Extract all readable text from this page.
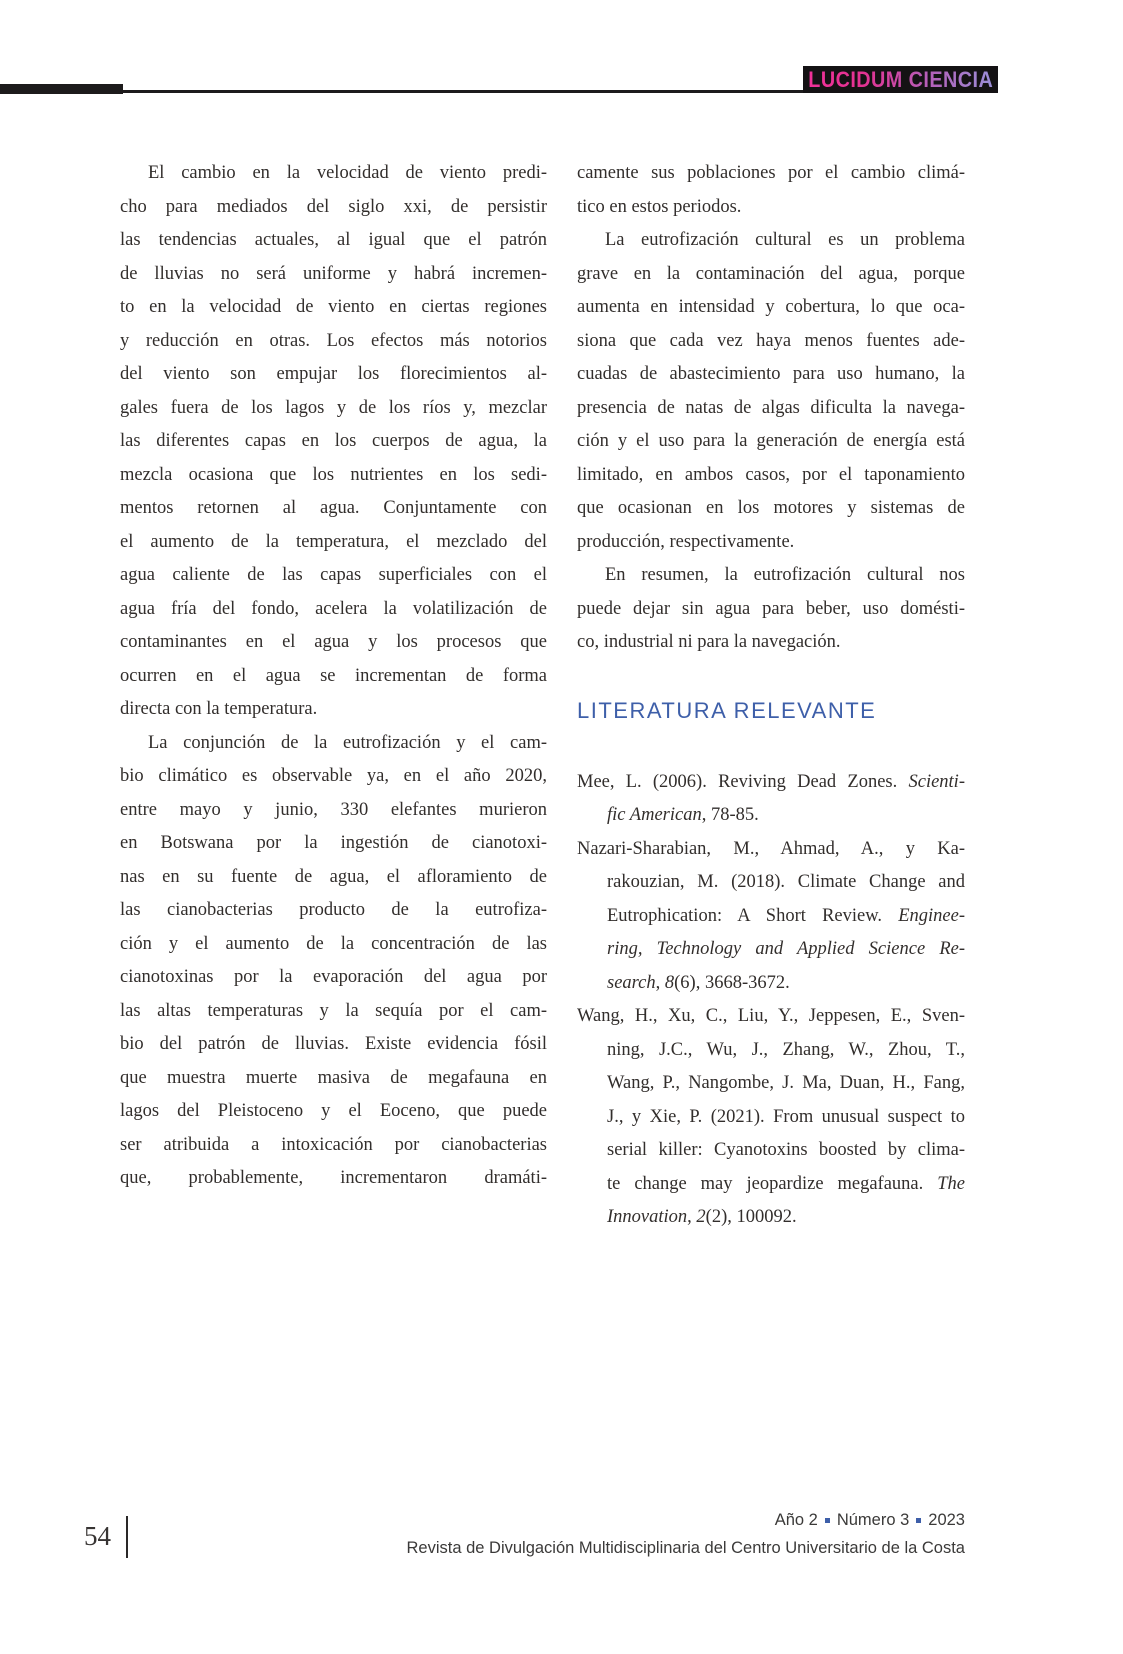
LUCIDUM CIENCIA
El cambio en la velocidad de viento predi-
cho para mediados del siglo xxi, de persistir
las tendencias actuales, al igual que el patrón
de lluvias no será uniforme y habrá incremen-
to en la velocidad de viento en ciertas regiones
y reducción en otras. Los efectos más notorios
del viento son empujar los florecimientos al-
gales fuera de los lagos y de los ríos y, mezclar
las diferentes capas en los cuerpos de agua, la
mezcla ocasiona que los nutrientes en los sedi-
mentos retornen al agua. Conjuntamente con
el aumento de la temperatura, el mezclado del
agua caliente de las capas superficiales con el
agua fría del fondo, acelera la volatilización de
contaminantes en el agua y los procesos que
ocurren en el agua se incrementan de forma
directa con la temperatura.
La conjunción de la eutrofización y el cam-
bio climático es observable ya, en el año 2020,
entre mayo y junio, 330 elefantes murieron
en Botswana por la ingestión de cianotoxi-
nas en su fuente de agua, el afloramiento de
las cianobacterias producto de la eutrofiza-
ción y el aumento de la concentración de las
cianotoxinas por la evaporación del agua por
las altas temperaturas y la sequía por el cam-
bio del patrón de lluvias. Existe evidencia fósil
que muestra muerte masiva de megafauna en
lagos del Pleistoceno y el Eoceno, que puede
ser atribuida a intoxicación por cianobacterias
que, probablemente, incrementaron dramáti-
camente sus poblaciones por el cambio climá-
tico en estos periodos.
La eutrofización cultural es un problema
grave en la contaminación del agua, porque
aumenta en intensidad y cobertura, lo que oca-
siona que cada vez haya menos fuentes ade-
cuadas de abastecimiento para uso humano, la
presencia de natas de algas dificulta la navega-
ción y el uso para la generación de energía está
limitado, en ambos casos, por el taponamiento
que ocasionan en los motores y sistemas de
producción, respectivamente.
En resumen, la eutrofización cultural nos
puede dejar sin agua para beber, uso domésti-
co, industrial ni para la navegación.
LITERATURA RELEVANTE
Mee, L. (2006). Reviving Dead Zones. Scienti-
fic American, 78-85.
Nazari-Sharabian, M., Ahmad, A., y Ka-
rakouzian, M. (2018). Climate Change and
Eutrophication: A Short Review. Enginee-
ring, Technology and Applied Science Re-
search, 8(6), 3668-3672.
Wang, H., Xu, C., Liu, Y., Jeppesen, E., Sven-
ning, J.C., Wu, J., Zhang, W., Zhou, T.,
Wang, P., Nangombe, J. Ma, Duan, H., Fang,
J., y Xie, P. (2021). From unusual suspect to
serial killer: Cyanotoxins boosted by clima-
te change may jeopardize megafauna. The
Innovation, 2(2), 100092.
54
Año 2 Número 3 2023
Revista de Divulgación Multidisciplinaria del Centro Universitario de la Costa
